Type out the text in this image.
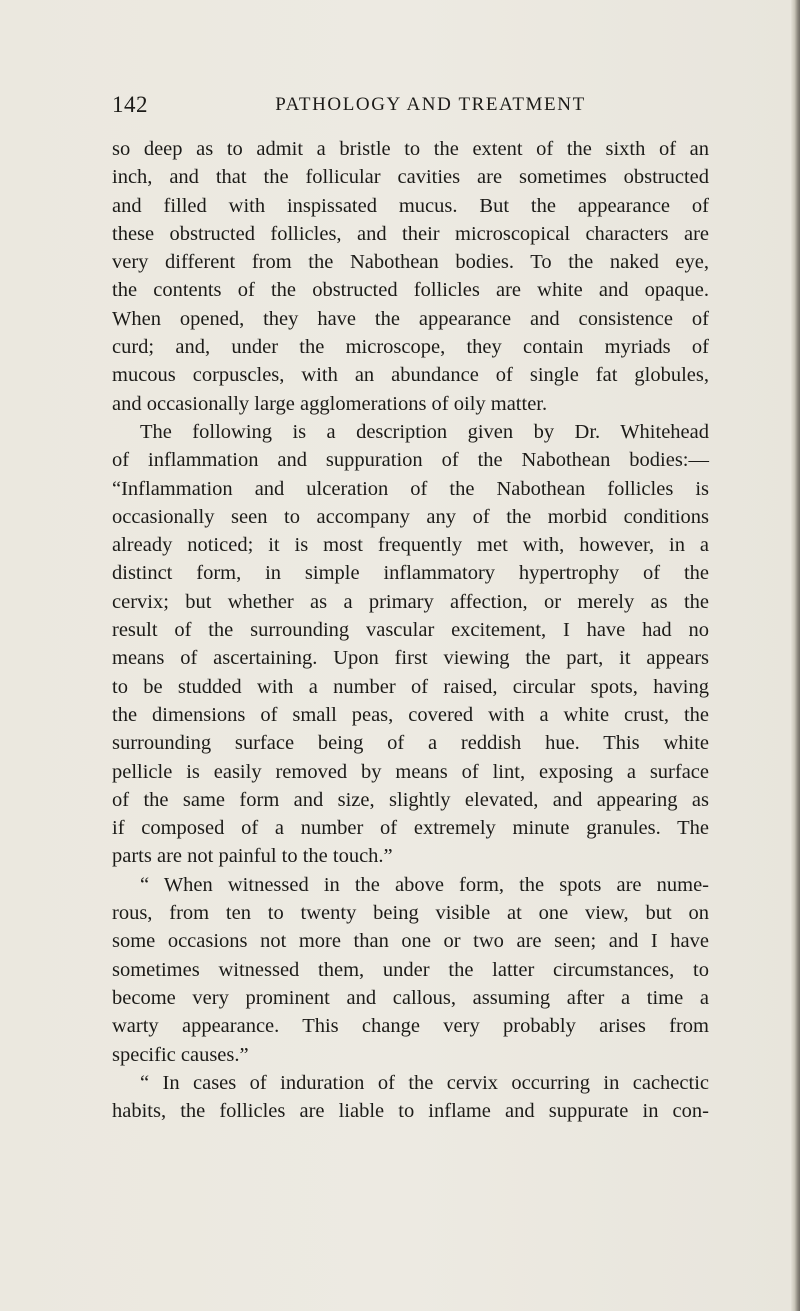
142	PATHOLOGY AND TREATMENT
so deep as to admit a bristle to the extent of the sixth of an
inch, and that the follicular cavities are sometimes obstructed
and filled with inspissated mucus. But the appearance of
these obstructed follicles, and their microscopical characters are
very different from the Nabothean bodies. To the naked eye,
the contents of the obstructed follicles are white and opaque.
When opened, they have the appearance and consistence of
curd; and, under the microscope, they contain myriads of
mucous corpuscles, with an abundance of single fat globules,
and occasionally large agglomerations of oily matter.
The following is a description given by Dr. Whitehead
of inflammation and suppuration of the Nabothean bodies:—
“Inflammation and ulceration of the Nabothean follicles is
occasionally seen to accompany any of the morbid conditions
already noticed; it is most frequently met with, however, in a
distinct form, in simple inflammatory hypertrophy of the
cervix; but whether as a primary affection, or merely as the
result of the surrounding vascular excitement, I have had no
means of ascertaining. Upon first viewing the part, it appears
to be studded with a number of raised, circular spots, having
the dimensions of small peas, covered with a white crust, the
surrounding surface being of a reddish hue. This white
pellicle is easily removed by means of lint, exposing a surface
of the same form and size, slightly elevated, and appearing as
if composed of a number of extremely minute granules. The
parts are not painful to the touch.”
“ When witnessed in the above form, the spots are nume-
rous, from ten to twenty being visible at one view, but on
some occasions not more than one or two are seen; and I have
sometimes witnessed them, under the latter circumstances, to
become very prominent and callous, assuming after a time a
warty appearance. This change very probably arises from
specific causes.”
“ In cases of induration of the cervix occurring in cachectic
habits, the follicles are liable to inflame and suppurate in con-
